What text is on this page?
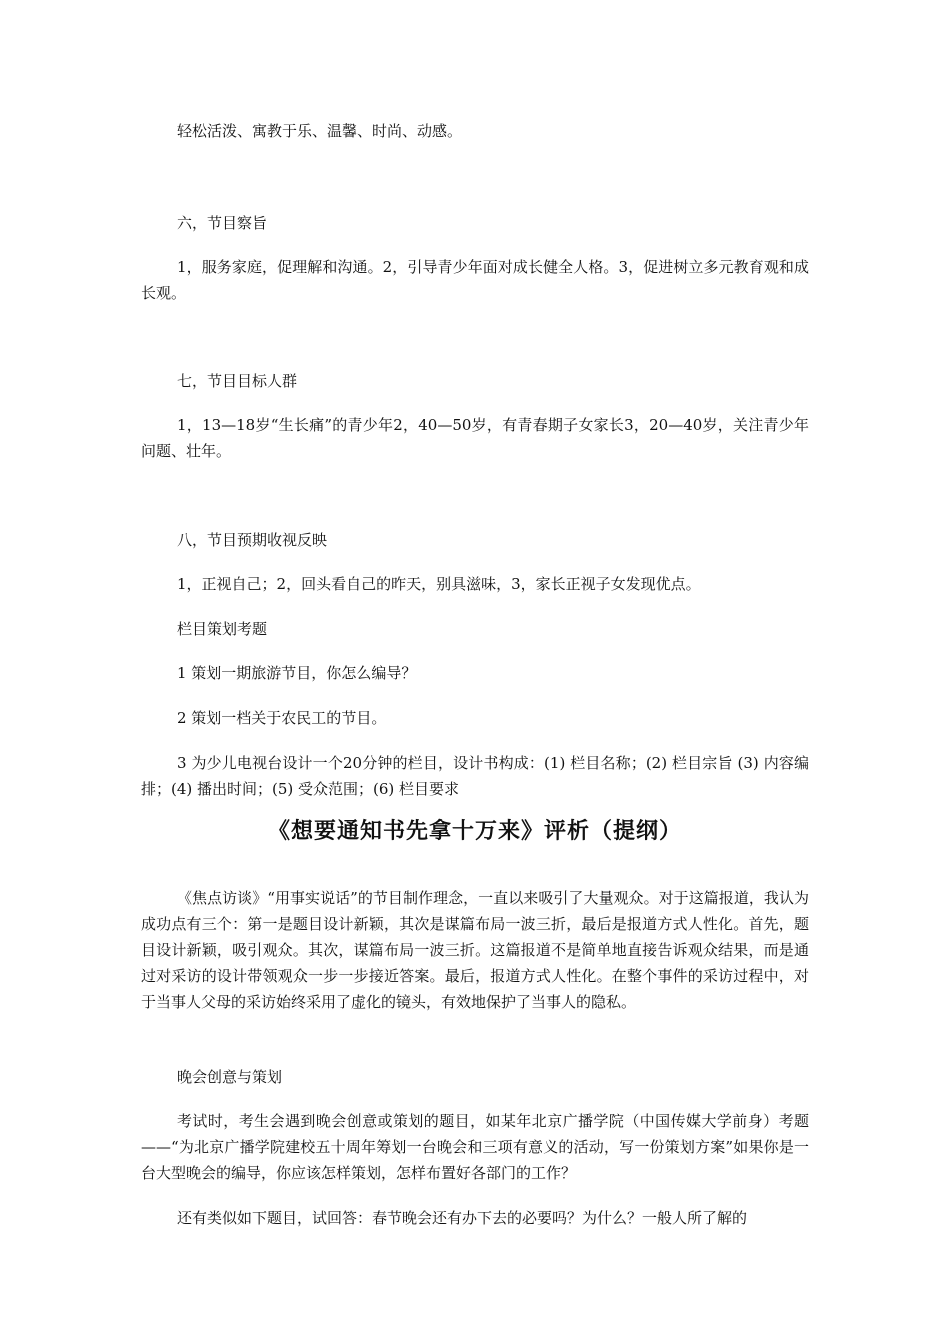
轻松活泼、寓教于乐、温馨、时尚、动感。

六，节目察旨

1，服务家庭，促理解和沟通。2，引导青少年面对成长健全人格。3，促进树立多元教育观和成长观。

七，节目目标人群

1，13—18岁“生长痛”的青少年2，40—50岁，有青春期子女家长3，20—40岁，关注青少年问题、壮年。

八，节目预期收视反映

1，正视自己；2，回头看自己的昨天，别具滋味，3，家长正视子女发现优点。

栏目策划考题

1 策划一期旅游节目，你怎么编导？

2 策划一档关于农民工的节目。

3 为少儿电视台设计一个20分钟的栏目，设计书构成：(1) 栏目名称；(2) 栏目宗旨 (3) 内容编排；(4) 播出时间；(5) 受众范围；(6) 栏目要求

《想要通知书先拿十万来》评析（提纲）

《焦点访谈》“用事实说话”的节目制作理念，一直以来吸引了大量观众。对于这篇报道，我认为成功点有三个：第一是题目设计新颖，其次是谋篇布局一波三折，最后是报道方式人性化。首先，题目设计新颖，吸引观众。其次，谋篇布局一波三折。这篇报道不是简单地直接告诉观众结果，而是通过对采访的设计带领观众一步一步接近答案。最后，报道方式人性化。在整个事件的采访过程中，对于当事人父母的采访始终采用了虚化的镜头，有效地保护了当事人的隐私。

晚会创意与策划

考试时，考生会遇到晚会创意或策划的题目，如某年北京广播学院（中国传媒大学前身）考题——“为北京广播学院建校五十周年筹划一台晚会和三项有意义的活动，写一份策划方案”如果你是一台大型晚会的编导，你应该怎样策划，怎样布置好各部门的工作？

还有类似如下题目，试回答：春节晚会还有办下去的必要吗？为什么？一般人所了解的
